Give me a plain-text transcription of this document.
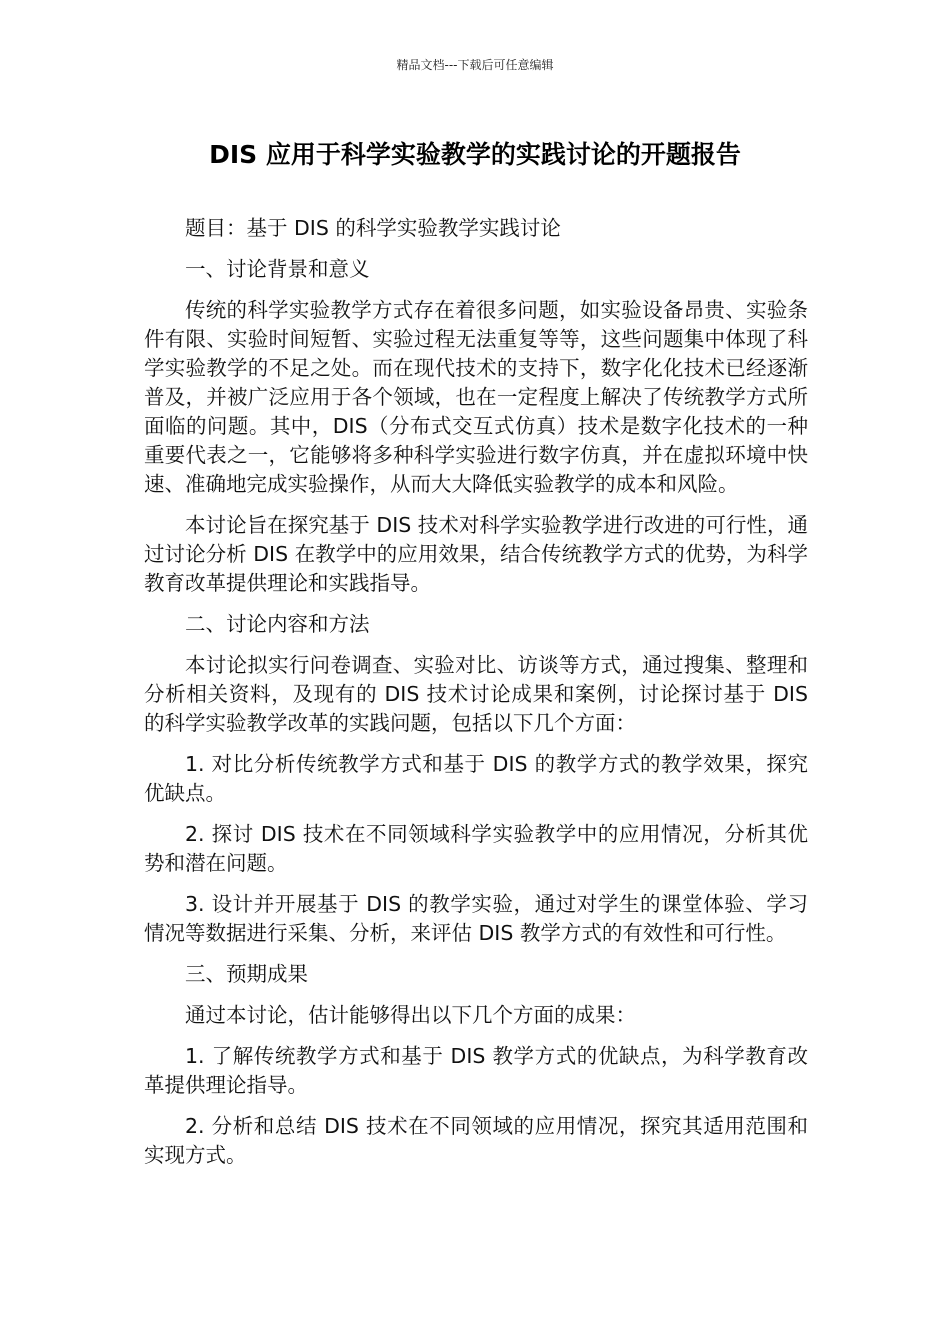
精品文档---下载后可任意编辑
DIS 应用于科学实验教学的实践讨论的开题报告

题目：基于 DIS 的科学实验教学实践讨论

一、讨论背景和意义

传统的科学实验教学方式存在着很多问题，如实验设备昂贵、实验条件有限、实验时间短暂、实验过程无法重复等等，这些问题集中体现了科学实验教学的不足之处。而在现代技术的支持下，数字化化技术已经逐渐普及，并被广泛应用于各个领域，也在一定程度上解决了传统教学方式所面临的问题。其中，DIS（分布式交互式仿真）技术是数字化技术的一种重要代表之一，它能够将多种科学实验进行数字仿真，并在虚拟环境中快速、准确地完成实验操作，从而大大降低实验教学的成本和风险。

本讨论旨在探究基于 DIS 技术对科学实验教学进行改进的可行性，通过讨论分析 DIS 在教学中的应用效果，结合传统教学方式的优势，为科学教育改革提供理论和实践指导。

二、讨论内容和方法

本讨论拟实行问卷调查、实验对比、访谈等方式，通过搜集、整理和分析相关资料，及现有的 DIS 技术讨论成果和案例，讨论探讨基于 DIS 的科学实验教学改革的实践问题，包括以下几个方面：

1. 对比分析传统教学方式和基于 DIS 的教学方式的教学效果，探究优缺点。

2. 探讨 DIS 技术在不同领域科学实验教学中的应用情况，分析其优势和潜在问题。

3. 设计并开展基于 DIS 的教学实验，通过对学生的课堂体验、学习情况等数据进行采集、分析，来评估 DIS 教学方式的有效性和可行性。

三、预期成果

通过本讨论，估计能够得出以下几个方面的成果：

1. 了解传统教学方式和基于 DIS 教学方式的优缺点，为科学教育改革提供理论指导。

2. 分析和总结 DIS 技术在不同领域的应用情况，探究其适用范围和实现方式。
